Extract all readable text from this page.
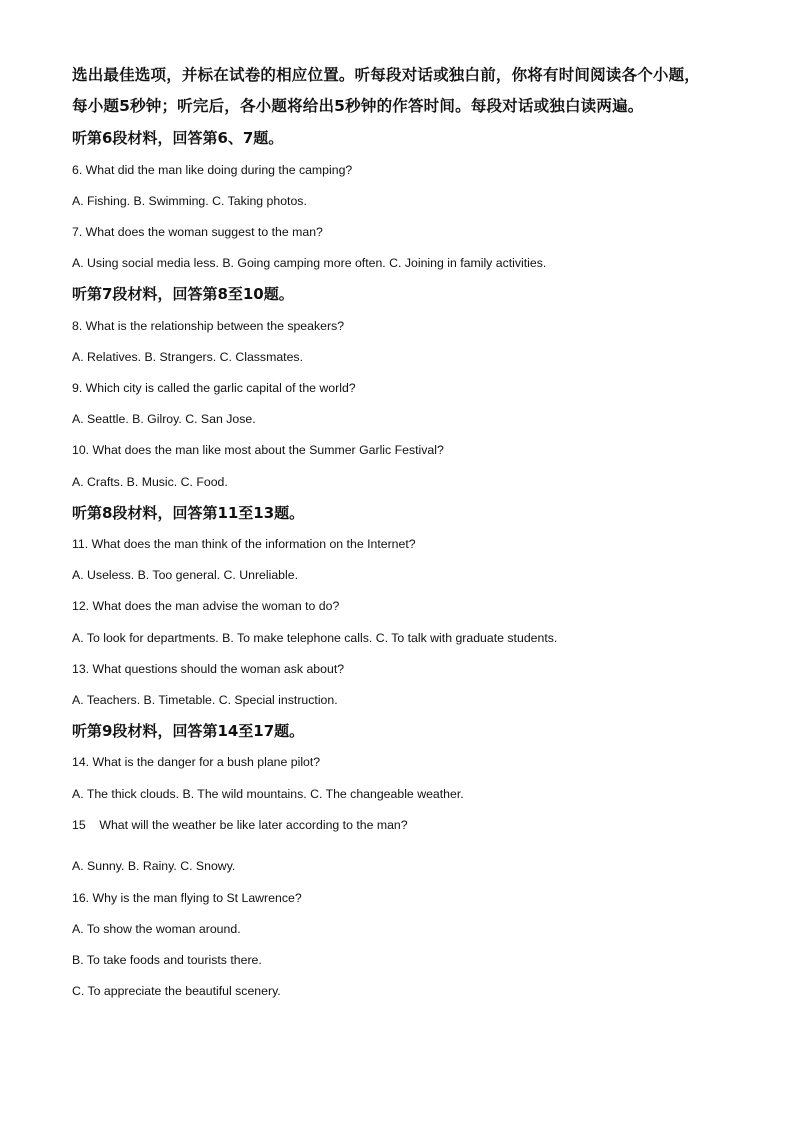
选出最佳选项，并标在试卷的相应位置。听每段对话或独白前，你将有时间阅读各个小题，
每小题5秒钟；听完后，各小题将给出5秒钟的作答时间。每段对话或独白读两遍。
听第6段材料，回答第6、7题。
6. What did the man like doing during the camping?
A. Fishing. B. Swimming. C. Taking photos.
7. What does the woman suggest to the man?
A. Using social media less. B. Going camping more often. C. Joining in family activities.
听第7段材料，回答第8至10题。
8. What is the relationship between the speakers?
A. Relatives. B. Strangers. C. Classmates.
9. Which city is called the garlic capital of the world?
A. Seattle. B. Gilroy. C. San Jose.
10. What does the man like most about the Summer Garlic Festival?
A. Crafts. B. Music. C. Food.
听第8段材料，回答第11至13题。
11. What does the man think of the information on the Internet?
A. Useless. B. Too general. C. Unreliable.
12. What does the man advise the woman to do?
A. To look for departments. B. To make telephone calls. C. To talk with graduate students.
13. What questions should the woman ask about?
A. Teachers. B. Timetable. C. Special instruction.
听第9段材料，回答第14至17题。
14. What is the danger for a bush plane pilot?
A. The thick clouds. B. The wild mountains. C. The changeable weather.
15    What will the weather be like later according to the man?
A. Sunny. B. Rainy. C. Snowy.
16. Why is the man flying to St Lawrence?
A. To show the woman around.
B. To take foods and tourists there.
C. To appreciate the beautiful scenery.
